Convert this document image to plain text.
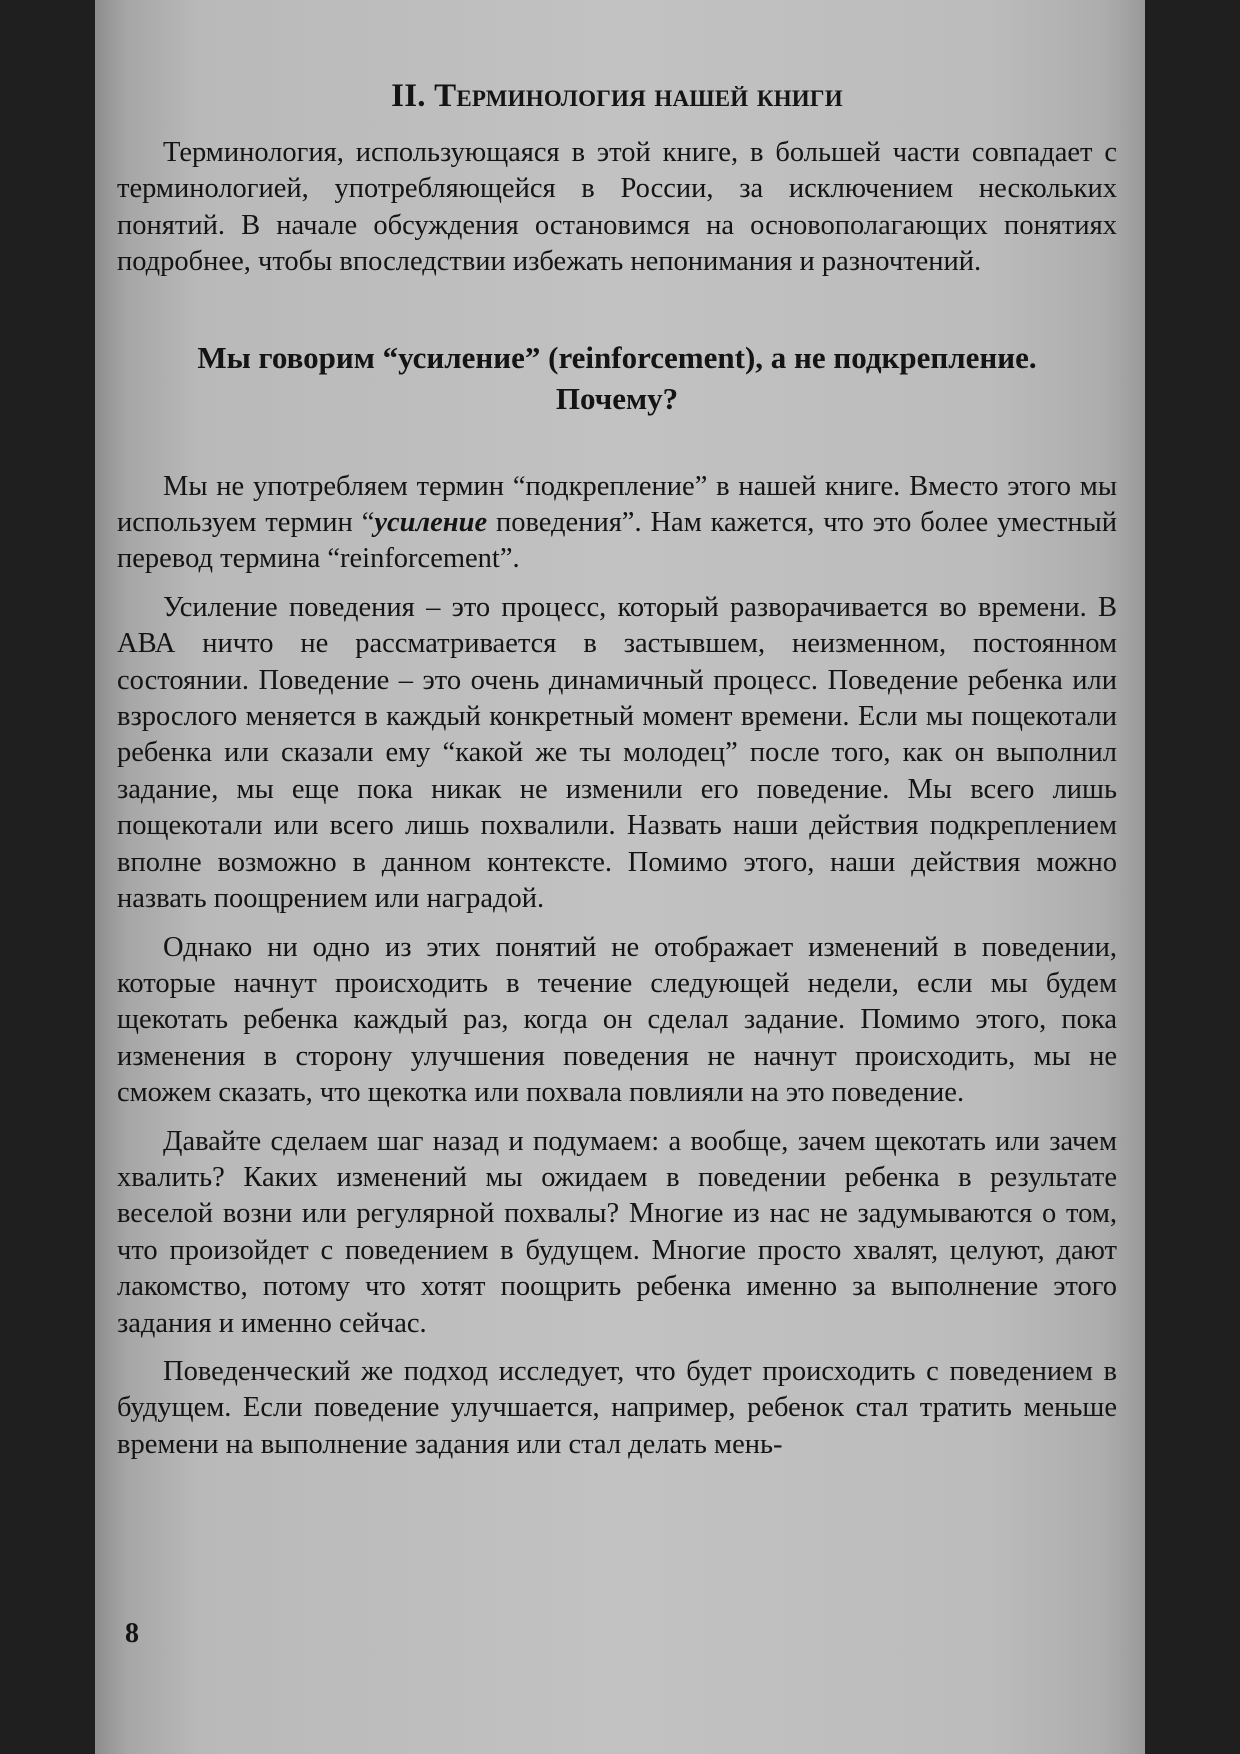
II. Терминология нашей книги

Терминология, использующаяся в этой книге, в большей части совпадает с терминологией, употребляющейся в России, за исключением нескольких понятий. В начале обсуждения остановимся на основополагающих понятиях подробнее, чтобы впоследствии избежать непонимания и разночтений.

Мы говорим “усиление” (reinforcement), а не подкрепление.
Почему?

Мы не употребляем термин “подкрепление” в нашей книге. Вместо этого мы используем термин “усиление поведения”. Нам кажется, что это более уместный перевод термина “reinforcement”.

Усиление поведения – это процесс, который разворачивается во времени. В АВА ничто не рассматривается в застывшем, неизменном, постоянном состоянии. Поведение – это очень динамичный процесс. Поведение ребенка или взрослого меняется в каждый конкретный момент времени. Если мы пощекотали ребенка или сказали ему “какой же ты молодец” после того, как он выполнил задание, мы еще пока никак не изменили его поведение. Мы всего лишь пощекотали или всего лишь похвалили. Назвать наши действия подкреплением вполне возможно в данном контексте. Помимо этого, наши действия можно назвать поощрением или наградой.

Однако ни одно из этих понятий не отображает изменений в поведении, которые начнут происходить в течение следующей недели, если мы будем щекотать ребенка каждый раз, когда он сделал задание. Помимо этого, пока изменения в сторону улучшения поведения не начнут происходить, мы не сможем сказать, что щекотка или похвала повлияли на это поведение.

Давайте сделаем шаг назад и подумаем: а вообще, зачем щекотать или зачем хвалить? Каких изменений мы ожидаем в поведении ребенка в результате веселой возни или регулярной похвалы? Многие из нас не задумываются о том, что произойдет с поведением в будущем. Многие просто хвалят, целуют, дают лакомство, потому что хотят поощрить ребенка именно за выполнение этого задания и именно сейчас.

Поведенческий же подход исследует, что будет происходить с поведением в будущем. Если поведение улучшается, например, ребенок стал тратить меньше времени на выполнение задания или стал делать мень-

8
